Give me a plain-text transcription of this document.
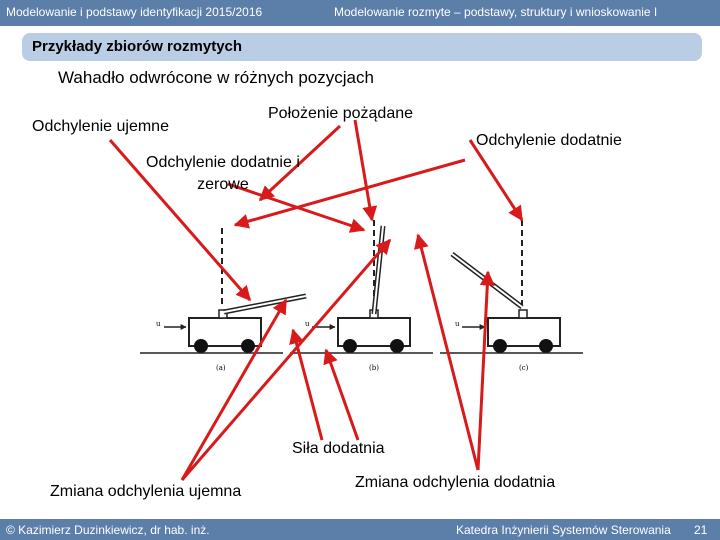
Modelowanie i podstawy identyfikacji 2015/2016	Modelowanie rozmyte – podstawy, struktury i wnioskowanie I
Przykłady zbiorów rozmytych
u
(a)
u
(b)
u
(c)
Wahadło odwrócone w różnych pozycjach
Odchylenie ujemne
Położenie pożądane
Odchylenie dodatnie
Odchylenie dodatnie i
zerowe
Siła dodatnia
Zmiana odchylenia ujemna
Zmiana odchylenia dodatnia
© Kazimierz Duzinkiewicz, dr hab. inż.	Katedra Inżynierii Systemów Sterowania 21
